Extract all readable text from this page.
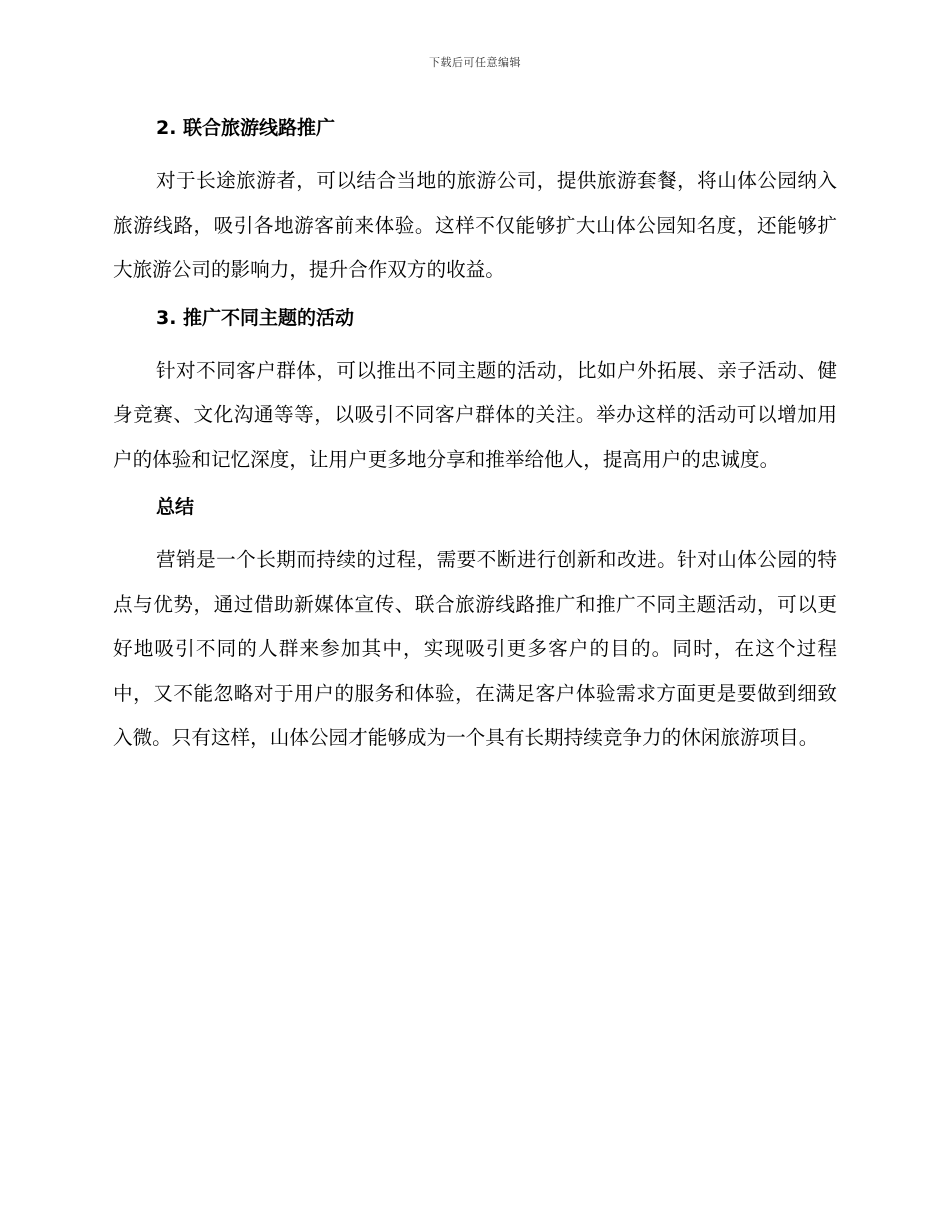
下载后可任意编辑
2. 联合旅游线路推广

对于长途旅游者，可以结合当地的旅游公司，提供旅游套餐，将山体公园纳入旅游线路，吸引各地游客前来体验。这样不仅能够扩大山体公园知名度，还能够扩大旅游公司的影响力，提升合作双方的收益。

3. 推广不同主题的活动

针对不同客户群体，可以推出不同主题的活动，比如户外拓展、亲子活动、健身竞赛、文化沟通等等，以吸引不同客户群体的关注。举办这样的活动可以增加用户的体验和记忆深度，让用户更多地分享和推举给他人，提高用户的忠诚度。

总结

营销是一个长期而持续的过程，需要不断进行创新和改进。针对山体公园的特点与优势，通过借助新媒体宣传、联合旅游线路推广和推广不同主题活动，可以更好地吸引不同的人群来参加其中，实现吸引更多客户的目的。同时，在这个过程中，又不能忽略对于用户的服务和体验，在满足客户体验需求方面更是要做到细致入微。只有这样，山体公园才能够成为一个具有长期持续竞争力的休闲旅游项目。
